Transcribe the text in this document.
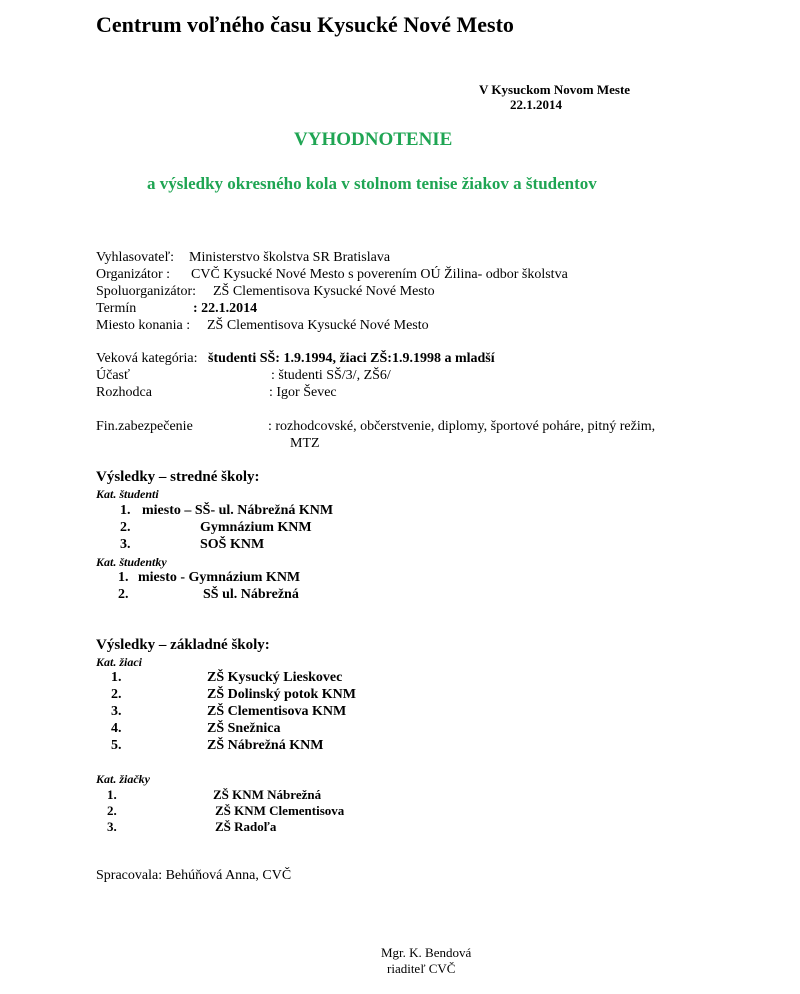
Centrum voľného času Kysucké Nové Mesto
V Kysuckom Novom Meste
22.1.2014
VYHODNOTENIE
a výsledky okresného kola v stolnom tenise žiakov a študentov
Vyhlasovateľ: Ministerstvo školstva SR Bratislava
Organizátor : CVČ Kysucké Nové Mesto s poverením OÚ Žilina- odbor školstva
Spoluorganizátor: ZŠ Clementisova Kysucké Nové Mesto
Termín	: 22.1.2014
Miesto konania : ZŠ Clementisova Kysucké Nové Mesto
Veková kategória: študenti SŠ: 1.9.1994, žiaci ZŠ:1.9.1998 a mladší
Účasť	: študenti SŠ/3/, ZŠ6/
Rozhodca	: Igor Ševec
Fin.zabezpečenie	: rozhodcovské, občerstvenie, diplomy, športové poháre, pitný režim,
MTZ
Výsledky – stredné školy:
Kat. študenti
1. miesto – SŠ- ul. Nábrežná KNM
2.	Gymnázium KNM
3.	SOŠ KNM
Kat. študentky
1. miesto - Gymnázium KNM
2.	SŠ ul. Nábrežná
Výsledky – základné školy:
Kat. žiaci
1.	ZŠ Kysucký Lieskovec
2.	ZŠ Dolinský potok KNM
3.	ZŠ Clementisova KNM
4.	ZŠ Snežnica
5.	ZŠ Nábrežná KNM
Kat. žiačky
1.	ZŠ KNM Nábrežná
2.	ZŠ KNM Clementisova
3.	ZŠ Radoľa
Spracovala: Behúňová Anna, CVČ
Mgr. K. Bendová
riaditeľ CVČ
